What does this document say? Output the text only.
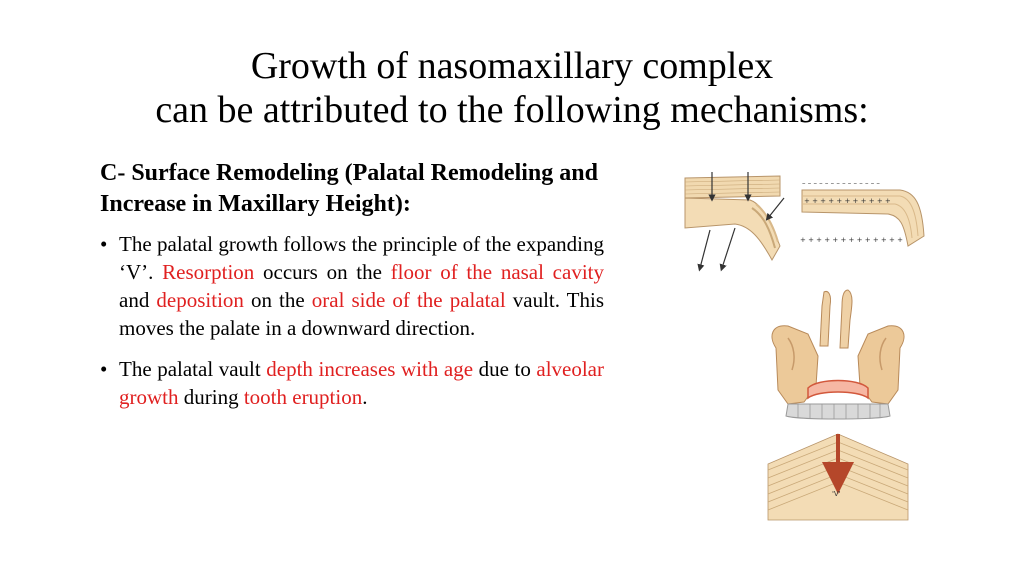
Growth of nasomaxillary complex
can be attributed to the following mechanisms:
C- Surface Remodeling (Palatal Remodeling and Increase in Maxillary Height):
• The palatal growth follows the principle of the expanding ‘V’. Resorption occurs on the floor of the nasal cavity and deposition on the oral side of the palatal vault. This moves the palate in a downward direction.
• The palatal vault depth increases with age due to alveolar growth during tooth eruption.
– – – – – – – – – – – – – –
+ + + + + + + + + + +
+ + + + + + + + + + + + +
'V'
